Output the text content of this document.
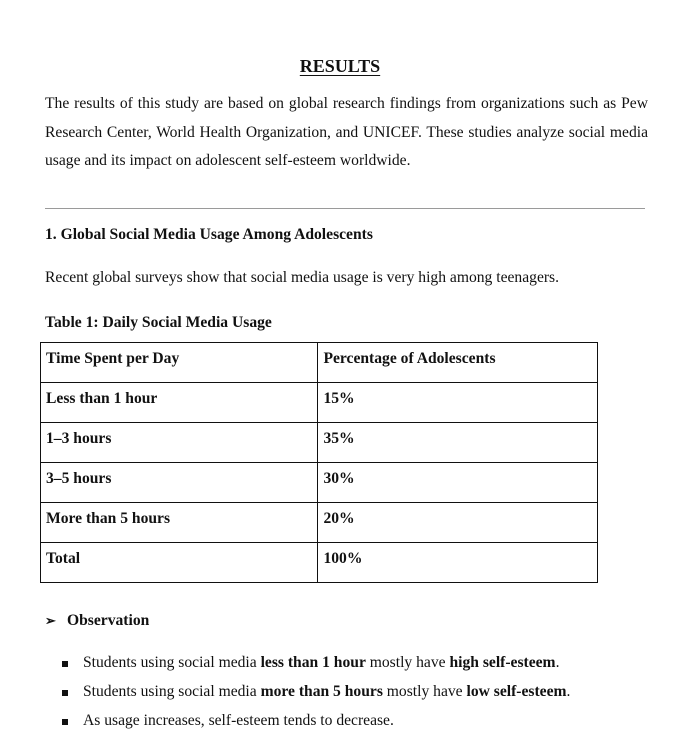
RESULTS
The results of this study are based on global research findings from organizations such as Pew Research Center, World Health Organization, and UNICEF. These studies analyze social media usage and its impact on adolescent self-esteem worldwide.
1. Global Social Media Usage Among Adolescents
Recent global surveys show that social media usage is very high among teenagers.
Table 1: Daily Social Media Usage
Time Spent per Day	Percentage of Adolescents
Less than 1 hour	15%
1–3 hours	35%
3–5 hours	30%
More than 5 hours	20%
Total	100%
➢ Observation
Students using social media less than 1 hour mostly have high self-esteem.
Students using social media more than 5 hours mostly have low self-esteem.
As usage increases, self-esteem tends to decrease.
